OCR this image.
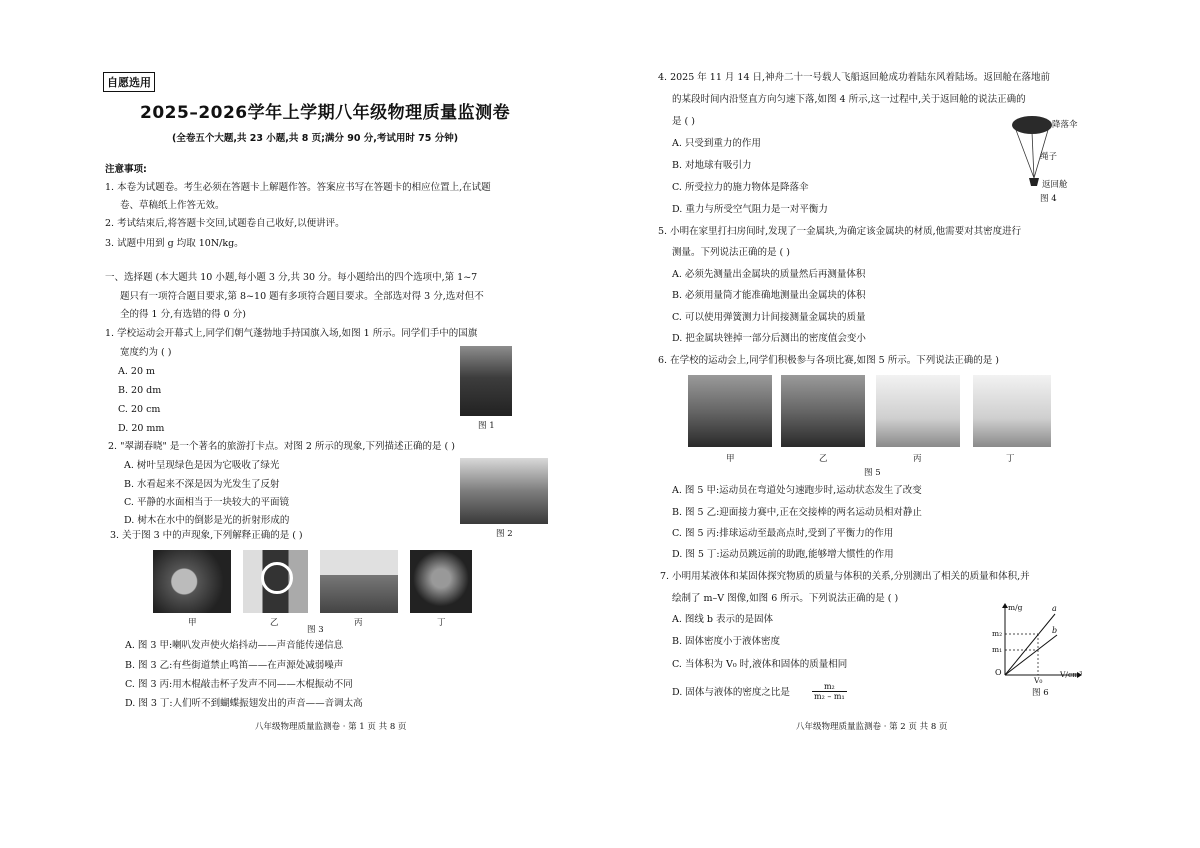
自愿选用
2025–2026学年上学期八年级物理质量监测卷
(全卷五个大题,共 23 小题,共 8 页;满分 90 分,考试用时 75 分钟)
注意事项:
1. 本卷为试题卷。考生必须在答题卡上解题作答。答案应书写在答题卡的相应位置上,在试题
卷、草稿纸上作答无效。
2. 考试结束后,将答题卡交回,试题卷自己收好,以便讲评。
3. 试题中用到 g 均取 10N/kg。
一、选择题 (本大题共 10 小题,每小题 3 分,共 30 分。每小题给出的四个选项中,第 1~7
题只有一项符合题目要求,第 8~10 题有多项符合题目要求。全部选对得 3 分,选对但不
全的得 1 分,有选错的得 0 分)
1. 学校运动会开幕式上,同学们朝气蓬勃地手持国旗入场,如图 1 所示。同学们手中的国旗
宽度约为 ( )
A. 20 m
B. 20 dm
C. 20 cm
D. 20 mm	图 1
2. "翠湖春晓" 是一个著名的旅游打卡点。对图 2 所示的现象,下列描述正确的是 ( )
A. 树叶呈现绿色是因为它吸收了绿光
B. 水看起来不深是因为光发生了反射
C. 平静的水面相当于一块较大的平面镜
D. 树木在水中的倒影是光的折射形成的
图 2
3. 关于图 3 中的声现象,下列解释正确的是 ( )
甲	乙	丙	丁
图 3
A. 图 3 甲:喇叭发声使火焰抖动——声音能传递信息
B. 图 3 乙:有些街道禁止鸣笛——在声源处减弱噪声
C. 图 3 丙:用木棍敲击杯子发声不同——木棍振动不同
D. 图 3 丁:人们听不到蝴蝶振翅发出的声音——音调太高
八年级物理质量监测卷 · 第 1 页 共 8 页
4. 2025 年 11 月 14 日,神舟二十一号载人飞船返回舱成功着陆东风着陆场。返回舱在落地前
的某段时间内沿竖直方向匀速下落,如图 4 所示,这一过程中,关于返回舱的说法正确的
是 ( )
A. 只受到重力的作用
B. 对地球有吸引力
C. 所受拉力的施力物体是降落伞
D. 重力与所受空气阻力是一对平衡力
降落伞
绳子
返回舱
图 4
5. 小明在家里打扫房间时,发现了一金属块,为确定该金属块的材质,他需要对其密度进行
测量。下列说法正确的是 ( )
A. 必须先测量出金属块的质量然后再测量体积
B. 必须用量筒才能准确地测量出金属块的体积
C. 可以使用弹簧测力计间接测量金属块的质量
D. 把金属块锉掉一部分后测出的密度值会变小
6. 在学校的运动会上,同学们积极参与各项比赛,如图 5 所示。下列说法正确的是 )
甲	乙	丙	丁
图 5
A. 图 5 甲:运动员在弯道处匀速跑步时,运动状态发生了改变
B. 图 5 乙:迎面接力赛中,正在交接棒的两名运动员相对静止
C. 图 5 丙:排球运动至最高点时,受到了平衡力的作用
D. 图 5 丁:运动员跳远前的助跑,能够增大惯性的作用
7. 小明用某液体和某固体探究物质的质量与体积的关系,分别测出了相关的质量和体积,并
绘制了 m–V 图像,如图 6 所示。下列说法正确的是 ( )
A. 图线 b 表示的是固体
B. 固体密度小于液体密度
C. 当体积为 V₀ 时,液体和固体的质量相同
D. 固体与液体的密度之比是	$\frac{\text{m₂}}{\text{m₂ – m₁}}$
m/g
V/cm³
O
m₂
m₁
V₀
a
b
图 6
八年级物理质量监测卷 · 第 2 页 共 8 页
